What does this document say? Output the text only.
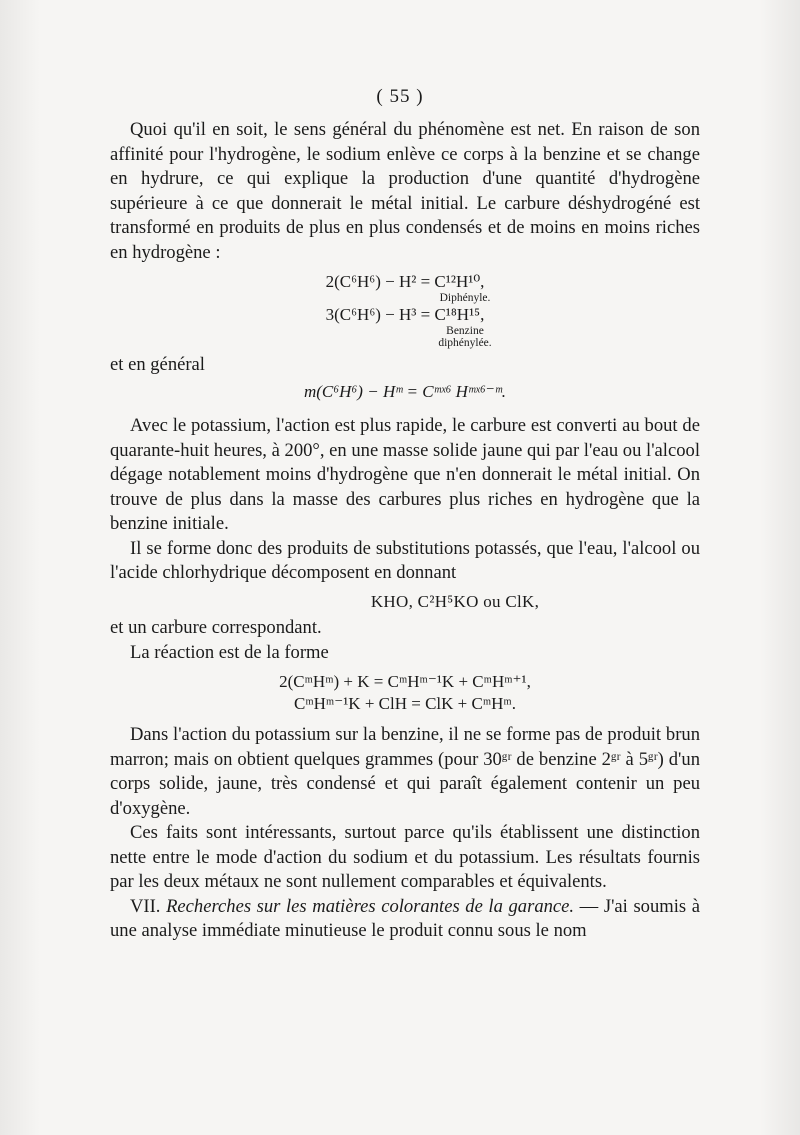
( 55 )

Quoi qu'il en soit, le sens général du phénomène est net. En raison de son affinité pour l'hydrogène, le sodium enlève ce corps à la benzine et se change en hydrure, ce qui explique la production d'une quantité d'hydrogène supérieure à ce que donnerait le métal initial. Le carbure déshydrogéné est transformé en produits de plus en plus condensés et de moins en moins riches en hydrogène :

2(C⁶H⁶) − H² = C¹²H¹⁰,
Diphényle.
3(C⁶H⁶) − H³ = C¹⁸H¹⁵,
Benzine
diphénylée.

et en général

m(C⁶H⁶) − Hᵐ = Cᵐˣ⁶ Hᵐˣ⁶⁻ᵐ.

Avec le potassium, l'action est plus rapide, le carbure est converti au bout de quarante-huit heures, à 200°, en une masse solide jaune qui par l'eau ou l'alcool dégage notablement moins d'hydrogène que n'en donnerait le métal initial. On trouve de plus dans la masse des carbures plus riches en hydrogène que la benzine initiale.

Il se forme donc des produits de substitutions potassés, que l'eau, l'alcool ou l'acide chlorhydrique décomposent en donnant

KHO, C²H⁵KO ou ClK,

et un carbure correspondant.

La réaction est de la forme

2(CᵐHᵐ) + K = CᵐHᵐ⁻¹K + CᵐHᵐ⁺¹,
CᵐHᵐ⁻¹K + ClH = ClK + CᵐHᵐ.

Dans l'action du potassium sur la benzine, il ne se forme pas de produit brun marron; mais on obtient quelques grammes (pour 30ᵍʳ de benzine 2ᵍʳ à 5ᵍʳ) d'un corps solide, jaune, très condensé et qui paraît également contenir un peu d'oxygène.

Ces faits sont intéressants, surtout parce qu'ils établissent une distinction nette entre le mode d'action du sodium et du potassium. Les résultats fournis par les deux métaux ne sont nullement comparables et équivalents.

VII. Recherches sur les matières colorantes de la garance. — J'ai soumis à une analyse immédiate minutieuse le produit connu sous le nom
